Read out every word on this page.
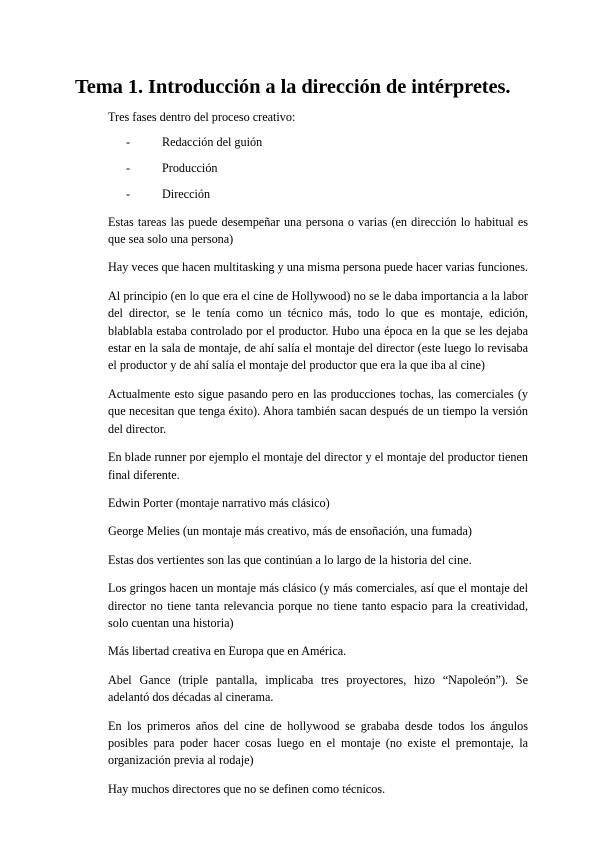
Tema 1. Introducción a la dirección de intérpretes.

Tres fases dentro del proceso creativo:

- Redacción del guión
- Producción
- Dirección

Estas tareas las puede desempeñar una persona o varias (en dirección lo habitual es que sea solo una persona)

Hay veces que hacen multitasking y una misma persona puede hacer varias funciones.

Al principio (en lo que era el cine de Hollywood) no se le daba importancia a la labor del director, se le tenía como un técnico más, todo lo que es montaje, edición, blablabla estaba controlado por el productor. Hubo una época en la que se les dejaba estar en la sala de montaje, de ahí salía el montaje del director (este luego lo revisaba el productor y de ahí salía el montaje del productor que era la que iba al cine)

Actualmente esto sigue pasando pero en las producciones tochas, las comerciales (y que necesitan que tenga éxito). Ahora también sacan después de un tiempo la versión del director.

En blade runner por ejemplo el montaje del director y el montaje del productor tienen final diferente.

Edwin Porter (montaje narrativo más clásico)

George Melies (un montaje más creativo, más de ensoñación, una fumada)

Estas dos vertientes son las que continúan a lo largo de la historia del cine.

Los gringos hacen un montaje más clásico (y más comerciales, así que el montaje del director no tiene tanta relevancia porque no tiene tanto espacio para la creatividad, solo cuentan una historia)

Más libertad creativa en Europa que en América.

Abel Gance (triple pantalla, implicaba tres proyectores, hizo “Napoleón”). Se adelantó dos décadas al cinerama.

En los primeros años del cine de hollywood se grababa desde todos los ángulos posibles para poder hacer cosas luego en el montaje (no existe el premontaje, la organización previa al rodaje)

Hay muchos directores que no se definen como técnicos.
